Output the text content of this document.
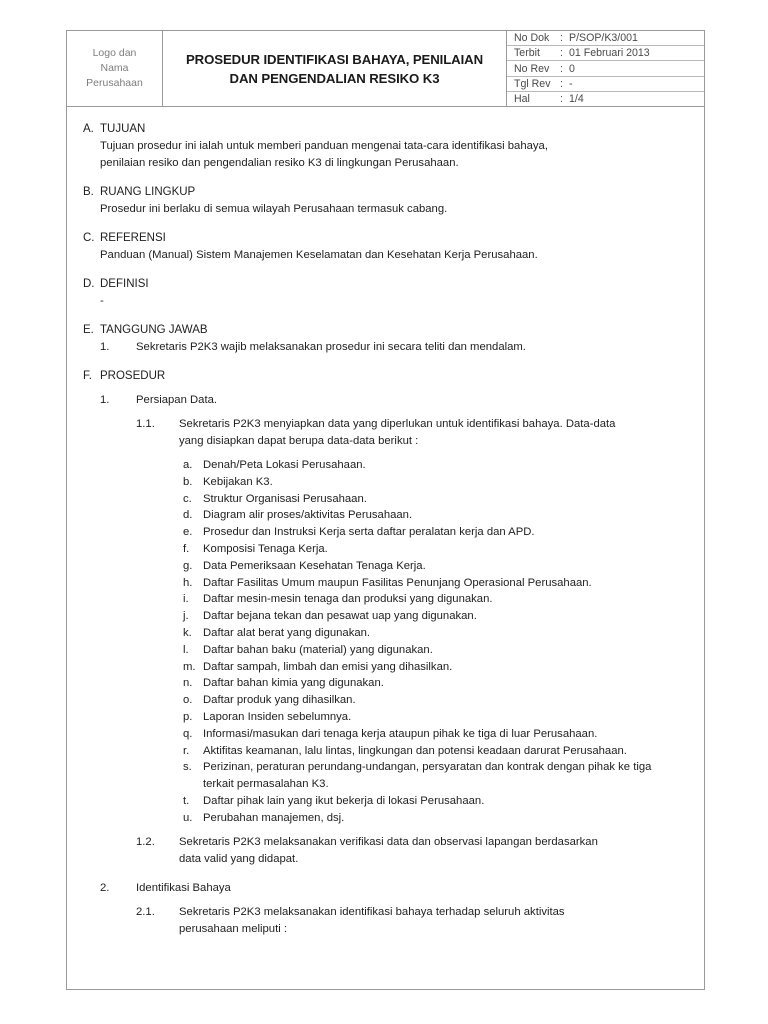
Logo dan
Nama
Perusahaan
PROSEDUR IDENTIFIKASI BAHAYA, PENILAIAN
DAN PENGENDALIAN RESIKO K3
No Dok	: P/SOP/K3/001
Terbit	: 01 Februari 2013
No Rev	: 0
Tgl Rev : -
Hal	: 1/4
A. TUJUAN
Tujuan prosedur ini ialah untuk memberi panduan mengenai tata-cara identifikasi bahaya,
penilaian resiko dan pengendalian resiko K3 di lingkungan Perusahaan.
B. RUANG LINGKUP
Prosedur ini berlaku di semua wilayah Perusahaan termasuk cabang.
C. REFERENSI
Panduan (Manual) Sistem Manajemen Keselamatan dan Kesehatan Kerja Perusahaan.
D. DEFINISI
-
E. TANGGUNG JAWAB
1.	Sekretaris P2K3 wajib melaksanakan prosedur ini secara teliti dan mendalam.
F. PROSEDUR
1.	Persiapan Data.
1.1.	Sekretaris P2K3 menyiapkan data yang diperlukan untuk identifikasi bahaya. Data-data
yang disiapkan dapat berupa data-data berikut :
a. Denah/Peta Lokasi Perusahaan.
b. Kebijakan K3.
c. Struktur Organisasi Perusahaan.
d. Diagram alir proses/aktivitas Perusahaan.
e. Prosedur dan Instruksi Kerja serta daftar peralatan kerja dan APD.
f.	Komposisi Tenaga Kerja.
g. Data Pemeriksaan Kesehatan Tenaga Kerja.
h. Daftar Fasilitas Umum maupun Fasilitas Penunjang Operasional Perusahaan.
i.	Daftar mesin-mesin tenaga dan produksi yang digunakan.
j.	Daftar bejana tekan dan pesawat uap yang digunakan.
k. Daftar alat berat yang digunakan.
l.	Daftar bahan baku (material) yang digunakan.
m. Daftar sampah, limbah dan emisi yang dihasilkan.
n. Daftar bahan kimia yang digunakan.
o. Daftar produk yang dihasilkan.
p. Laporan Insiden sebelumnya.
q. Informasi/masukan dari tenaga kerja ataupun pihak ke tiga di luar Perusahaan.
r.	Aktifitas keamanan, lalu lintas, lingkungan dan potensi keadaan darurat Perusahaan.
s. Perizinan, peraturan perundang-undangan, persyaratan dan kontrak dengan pihak ke tiga terkait permasalahan K3.
t.	Daftar pihak lain yang ikut bekerja di lokasi Perusahaan.
u. Perubahan manajemen, dsj.
1.2.	Sekretaris P2K3 melaksanakan verifikasi data dan observasi lapangan berdasarkan
data valid yang didapat.
2.	Identifikasi Bahaya
2.1.	Sekretaris P2K3 melaksanakan identifikasi bahaya terhadap seluruh aktivitas
perusahaan meliputi :
